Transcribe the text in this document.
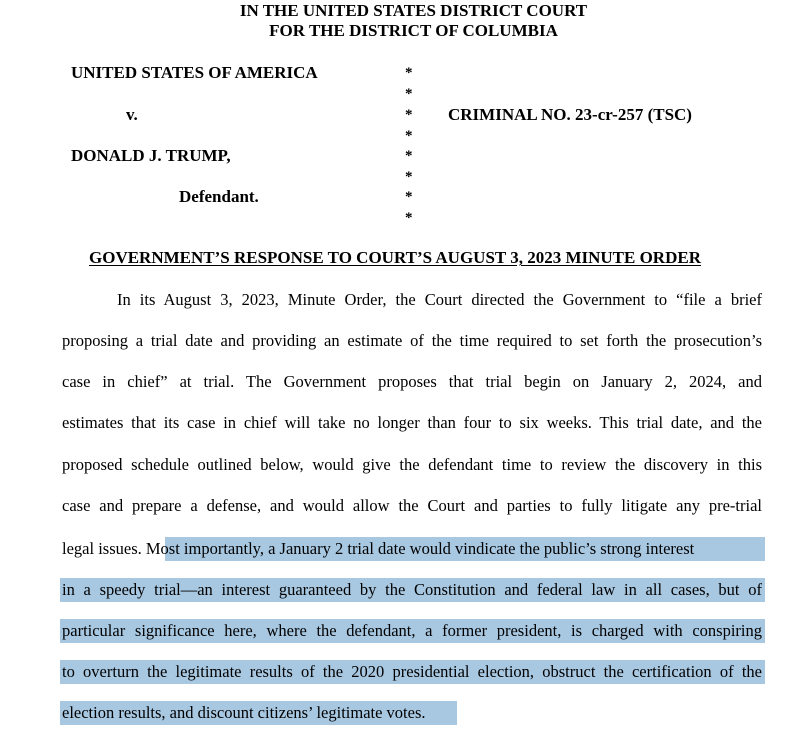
IN THE UNITED STATES DISTRICT COURT
FOR THE DISTRICT OF COLUMBIA
UNITED STATES OF AMERICA
v.
DONALD J. TRUMP,
Defendant.
CRIMINAL NO. 23-cr-257 (TSC)
*
*
*
*
*
*
*
*
GOVERNMENT’S RESPONSE TO COURT’S AUGUST 3, 2023 MINUTE ORDER
In its August 3, 2023, Minute Order, the Court directed the Government to “file a brief
proposing a trial date and providing an estimate of the time required to set forth the prosecution’s
case in chief” at trial. The Government proposes that trial begin on January 2, 2024, and
estimates that its case in chief will take no longer than four to six weeks. This trial date, and the
proposed schedule outlined below, would give the defendant time to review the discovery in this
case and prepare a defense, and would allow the Court and parties to fully litigate any pre-trial
legal issues. Most importantly, a January 2 trial date would vindicate the public’s strong interest
in a speedy trial—an interest guaranteed by the Constitution and federal law in all cases, but of
particular significance here, where the defendant, a former president, is charged with conspiring
to overturn the legitimate results of the 2020 presidential election, obstruct the certification of the
election results, and discount citizens’ legitimate votes.
